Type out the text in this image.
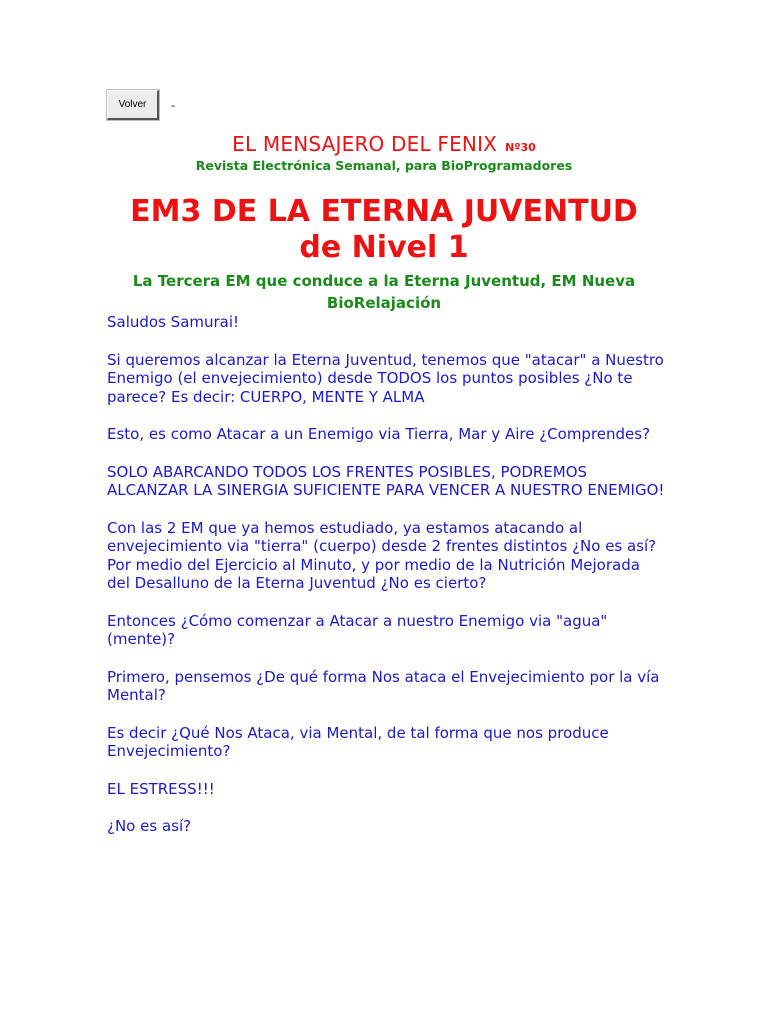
Volver	-
EL MENSAJERO DEL FENIX Nº30
Revista Electrónica Semanal, para BioProgramadores
EM3 DE LA ETERNA JUVENTUD
de Nivel 1
La Tercera EM que conduce a la Eterna Juventud, EM Nueva BioRelajación

Saludos Samurai!

Si queremos alcanzar la Eterna Juventud, tenemos que "atacar" a Nuestro Enemigo (el envejecimiento) desde TODOS los puntos posibles ¿No te parece? Es decir: CUERPO, MENTE Y ALMA

Esto, es como Atacar a un Enemigo via Tierra, Mar y Aire ¿Comprendes?

SOLO ABARCANDO TODOS LOS FRENTES POSIBLES, PODREMOS ALCANZAR LA SINERGIA SUFICIENTE PARA VENCER A NUESTRO ENEMIGO!

Con las 2 EM que ya hemos estudiado, ya estamos atacando al envejecimiento via "tierra" (cuerpo) desde 2 frentes distintos ¿No es así? Por medio del Ejercicio al Minuto, y por medio de la Nutrición Mejorada del Desalluno de la Eterna Juventud ¿No es cierto?

Entonces ¿Cómo comenzar a Atacar a nuestro Enemigo via "agua" (mente)?

Primero, pensemos ¿De qué forma Nos ataca el Envejecimiento por la vía Mental?

Es decir ¿Qué Nos Ataca, via Mental, de tal forma que nos produce Envejecimiento?

EL ESTRESS!!!

¿No es así?
